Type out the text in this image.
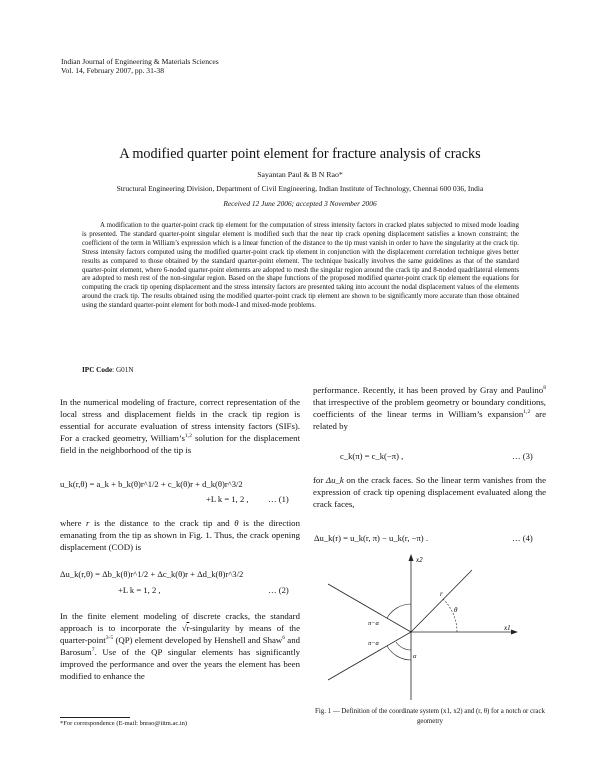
Indian Journal of Engineering & Materials Sciences
Vol. 14, February 2007, pp. 31-38
A modified quarter point element for fracture analysis of cracks
Sayantan Paul & B N Rao*
Structural Engineering Division, Department of Civil Engineering, Indian Institute of Technology, Chennai 600 036, India
Received 12 June 2006; accepted 3 November 2006
A modification to the quarter-point crack tip element for the computation of stress intensity factors in cracked plates subjected to mixed mode loading is presented. The standard quarter-point singular element is modified such that the near tip crack opening displacement satisfies a known constraint; the coefficient of the term in William’s expression which is a linear function of the distance to the tip must vanish in order to have the singularity at the crack tip. Stress intensity factors computed using the modified quarter-point crack tip element in conjunction with the displacement correlation technique gives better results as compared to those obtained by the standard quarter-point element. The technique basically involves the same guidelines as that of the standard quarter-point element, where 6-noded quarter-point elements are adopted to mesh the singular region around the crack tip and 8-noded quadrilateral elements are adopted to mesh rest of the non-singular region. Based on the shape functions of the proposed modified quarter-point crack tip element the equations for computing the crack tip opening displacement and the stress intensity factors are presented taking into account the nodal displacement values of the elements around the crack tip. The results obtained using the modified quarter-point crack tip element are shown to be significantly more accurate than those obtained using the standard quarter-point element for both mode-I and mixed-mode problems.
IPC Code: G01N
In the numerical modeling of fracture, correct representation of the local stress and displacement fields in the crack tip region is essential for accurate evaluation of stress intensity factors (SIFs). For a cracked geometry, $William’s^{1,2}$ solution for the displacement field in the neighborhood of the tip is
u_k(r,θ) = a_k + b_k(θ)r^1/2 + c_k(θ)r + d_k(θ)r^3/2
+L k = 1, 2 , … (1)
where r is the distance to the crack tip and θ is the direction emanating from the tip as shown in Fig. 1. Thus, the crack opening displacement (COD) is
Δu_k(r,θ) = Δb_k(θ)r^1/2 + Δc_k(θ)r + Δd_k(θ)r^3/2
+L k = 1, 2 ,	… (2)
In the finite element modeling of discrete cracks, the standard approach is to incorporate the √r-singularity by means of the quarter-point$^{3-5}$ (QP) element developed by Henshell and Shaw$^6$ and Barosum$^7$. Use of the QP singular elements has significantly improved the performance and over the years the element has been modified to enhance the
*For correspondence (E-mail: bnrao@iitm.ac.in)
performance. Recently, it has been proved by Gray and Paulino$^8$ that irrespective of the problem geometry or boundary conditions, coefficients of the linear terms in William’s expansion$^{1,2}$ are related by
c_k(π) = c_k(−π) ,	… (3)
for Δu_k on the crack faces. So the linear term vanishes from the expression of crack tip opening displacement evaluated along the crack faces,
Δu_k(r) = u_k(r, π) − u_k(r, −π) .	… (4)
x2
x1
r
θ
π−α
π−α
α
Fig. 1 — Definition of the coordinate system (x1, x2) and (r, θ) for a notch or crack geometry
